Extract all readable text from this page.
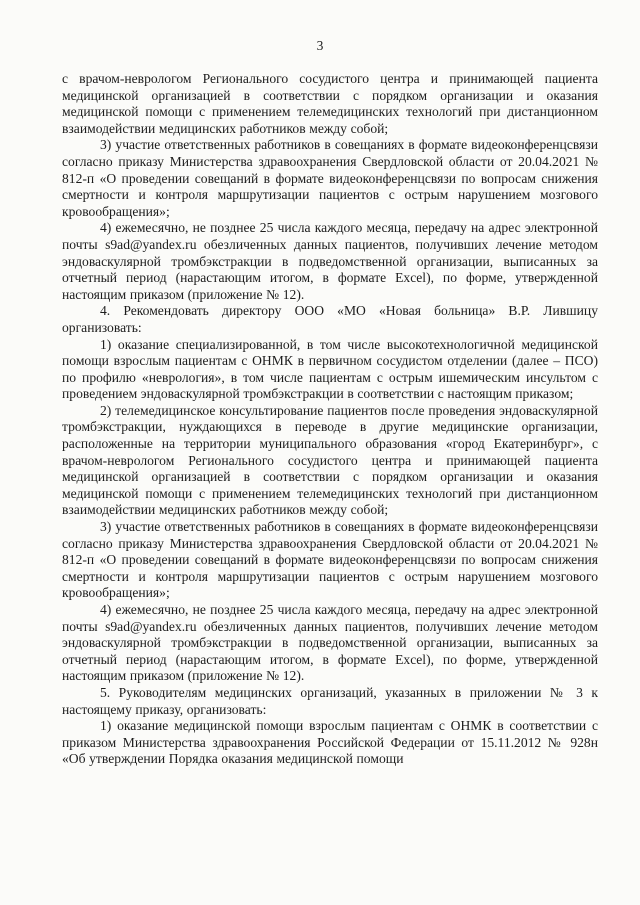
3

с врачом-неврологом Регионального сосудистого центра и принимающей пациента медицинской организацией в соответствии с порядком организации и оказания медицинской помощи с применением телемедицинских технологий при дистанционном взаимодействии медицинских работников между собой;

3) участие ответственных работников в совещаниях в формате видеоконференцсвязи согласно приказу Министерства здравоохранения Свердловской области от 20.04.2021 № 812-п «О проведении совещаний в формате видеоконференцсвязи по вопросам снижения смертности и контроля маршрутизации пациентов с острым нарушением мозгового кровообращения»;

4) ежемесячно, не позднее 25 числа каждого месяца, передачу на адрес электронной почты s9ad@yandex.ru обезличенных данных пациентов, получивших лечение методом эндоваскулярной тромбэкстракции в подведомственной организации, выписанных за отчетный период (нарастающим итогом, в формате Excel), по форме, утвержденной настоящим приказом (приложение № 12).

4. Рекомендовать директору ООО «МО «Новая больница» В.Р. Лившицу организовать:

1) оказание специализированной, в том числе высокотехнологичной медицинской помощи взрослым пациентам с ОНМК в первичном сосудистом отделении (далее – ПСО) по профилю «неврология», в том числе пациентам с острым ишемическим инсультом с проведением эндоваскулярной тромбэкстракции в соответствии с настоящим приказом;

2) телемедицинское консультирование пациентов после проведения эндоваскулярной тромбэкстракции, нуждающихся в переводе в другие медицинские организации, расположенные на территории муниципального образования «город Екатеринбург», с врачом-неврологом Регионального сосудистого центра и принимающей пациента медицинской организацией в соответствии с порядком организации и оказания медицинской помощи с применением телемедицинских технологий при дистанционном взаимодействии медицинских работников между собой;

3) участие ответственных работников в совещаниях в формате видеоконференцсвязи согласно приказу Министерства здравоохранения Свердловской области от 20.04.2021 № 812-п «О проведении совещаний в формате видеоконференцсвязи по вопросам снижения смертности и контроля маршрутизации пациентов с острым нарушением мозгового кровообращения»;

4) ежемесячно, не позднее 25 числа каждого месяца, передачу на адрес электронной почты s9ad@yandex.ru обезличенных данных пациентов, получивших лечение методом эндоваскулярной тромбэкстракции в подведомственной организации, выписанных за отчетный период (нарастающим итогом, в формате Excel), по форме, утвержденной настоящим приказом (приложение № 12).

5. Руководителям медицинских организаций, указанных в приложении № 3 к настоящему приказу, организовать:

1) оказание медицинской помощи взрослым пациентам с ОНМК в соответствии с приказом Министерства здравоохранения Российской Федерации от 15.11.2012 № 928н «Об утверждении Порядка оказания медицинской помощи
